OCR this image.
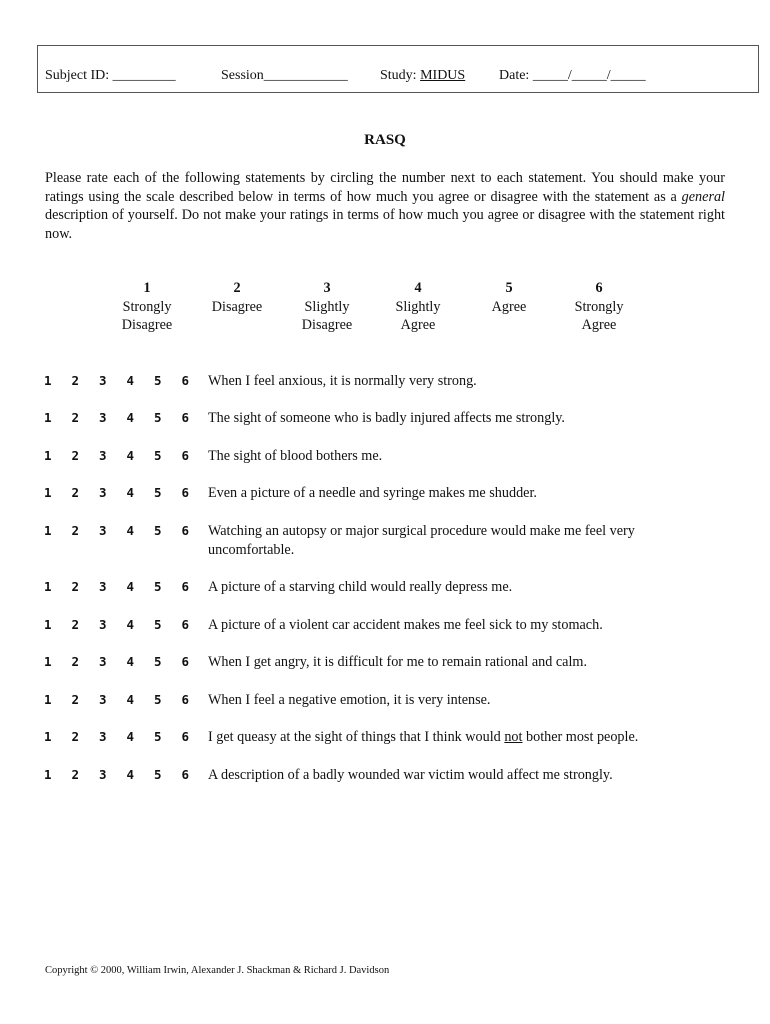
Subject ID: _________	Session____________ Study: MIDUS Date: _____/_____/_____
RASQ
Please rate each of the following statements by circling the number next to each statement. You should make your ratings using the scale described below in terms of how much you agree or disagree with the statement as a general description of yourself. Do not make your ratings in terms of how much you agree or disagree with the statement right now.
1
Strongly
Disagree
2
Disagree
3
Slightly
Disagree
4
Slightly
Agree
5
Agree
6
Strongly
Agree
1 2 3 4 5 6	When I feel anxious, it is normally very strong.
1 2 3 4 5 6	The sight of someone who is badly injured affects me strongly.
1 2 3 4 5 6	The sight of blood bothers me.
1 2 3 4 5 6	Even a picture of a needle and syringe makes me shudder.
1 2 3 4 5 6	Watching an autopsy or major surgical procedure would make me feel very uncomfortable.
1 2 3 4 5 6	A picture of a starving child would really depress me.
1 2 3 4 5 6	A picture of a violent car accident makes me feel sick to my stomach.
1 2 3 4 5 6	When I get angry, it is difficult for me to remain rational and calm.
1 2 3 4 5 6	When I feel a negative emotion, it is very intense.
1 2 3 4 5 6	I get queasy at the sight of things that I think would not bother most people.
1 2 3 4 5 6	A description of a badly wounded war victim would affect me strongly.
Copyright © 2000, William Irwin, Alexander J. Shackman & Richard J. Davidson
